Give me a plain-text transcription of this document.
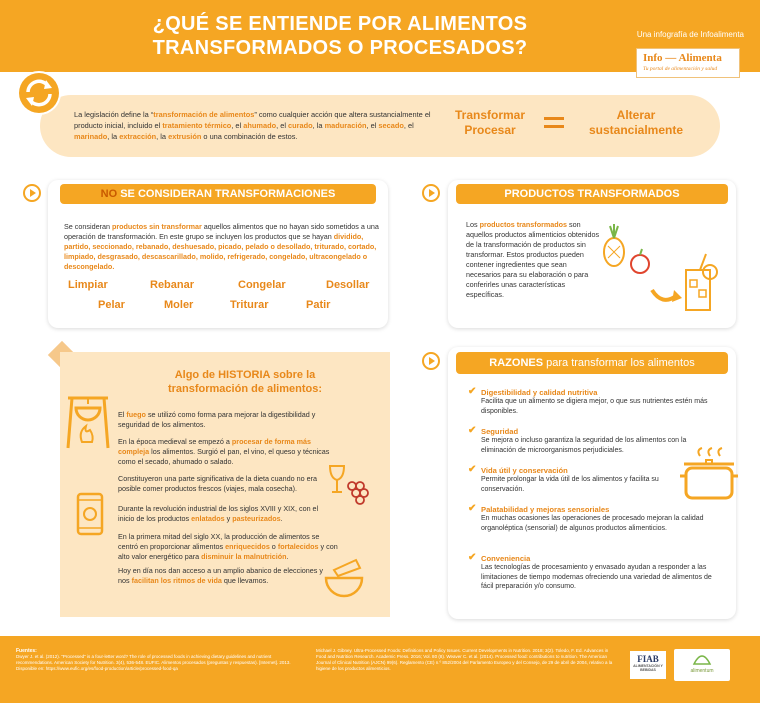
¿QUÉ SE ENTIENDE POR ALIMENTOS
TRANSFORMADOS O PROCESADOS?
Una infografía de Infoalimenta
Info — Alimenta
Tu portal de alimentación y salud
La legislación define la “transformación de alimentos” como cualquier acción que altera sustancialmente el producto inicial, incluido el tratamiento térmico, el ahumado, el curado, la maduración, el secado, el marinado, la extracción, la extrusión o una combinación de estos.
Transformar
Procesar
Alterar
sustancialmente
NO SE CONSIDERAN TRANSFORMACIONES
Se consideran productos sin transformar aquellos alimentos que no hayan sido sometidos a una operación de transformación. En este grupo se incluyen los productos que se hayan dividido, partido, seccionado, rebanado, deshuesado, picado, pelado o desollado, triturado, cortado, limpiado, desgrasado, descascarillado, molido, refrigerado, congelado, ultracongelado o descongelado.
Limpiar	Rebanar	Congelar	Desollar
Pelar	Moler	Triturar	Patir
PRODUCTOS TRANSFORMADOS
Los productos transformados son aquellos productos alimenticios obtenidos de la transformación de productos sin transformar. Estos productos pueden contener ingredientes que sean necesarios para su elaboración o para conferirles unas características específicas.
Algo de HISTORIA sobre la
transformación de alimentos:
El fuego se utilizó como forma para mejorar la digestibilidad y seguridad de los alimentos.
En la época medieval se empezó a procesar de forma más compleja los alimentos. Surgió el pan, el vino, el queso y técnicas como el secado, ahumado o salado.
Constituyeron una parte significativa de la dieta cuando no era posible comer productos frescos (viajes, mala cosecha).
Durante la revolución industrial de los siglos XVIII y XIX, con el inicio de los productos enlatados y pasteurizados.
En la primera mitad del siglo XX, la producción de alimentos se centró en proporcionar alimentos enriquecidos o fortalecidos y con alto valor energético para disminuir la malnutrición.
Hoy en día nos dan acceso a un amplio abanico de elecciones y nos facilitan los ritmos de vida que llevamos.
RAZONES para transformar los alimentos
✔ Digestibilidad y calidad nutritiva
Facilita que un alimento se digiera mejor, o que sus nutrientes estén más disponibles.
✔ Seguridad
Se mejora o incluso garantiza la seguridad de los alimentos con la eliminación de microorganismos perjudiciales.
✔ Vida útil y conservación
Permite prolongar la vida útil de los alimentos y facilita su conservación.
✔ Palatabilidad y mejoras sensoriales
En muchas ocasiones las operaciones de procesado mejoran la calidad organoléptica (sensorial) de algunos productos alimenticios.
✔ Conveniencia
Las tecnologías de procesamiento y envasado ayudan a responder a las limitaciones de tiempo modernas ofreciendo una variedad de alimentos de fácil preparación y/o consumo.
Fuentes:
Dwyer J. et al. (2012). "Processed" is a four-letter word? The role of processed foods in achieving dietary guidelines and nutrient recommendations. American Society for Nutrition. 3(4), 536-548. EUFIC. Alimentos procesados (preguntas y respuestas). [Internet]. 2013. Disponible en: https://www.eufic.org/es/food-production/article/processed-food-qa
Michael J. Gibney. Ultra-Processed Foods: Definitions and Policy Issues. Current Developments in Nutrition. 2018; 3(2). Toledo, F. Ed. Advances in Food and Nutrition Research. Academic Press. 2016; Vol. 80 (8). Weaver C. et al. (2014). Processed food: contributions to nutrition. The American Journal of Clinical Nutrition (AJCN) 99(6). Reglamento (CE) n.º 852/2004 del Parlamento Europeo y del Consejo, de 29 de abril de 2004, relativo a la higiene de los productos alimenticios.
FIAB
ALIMENTACIÓN Y BEBIDAS	alimentum
